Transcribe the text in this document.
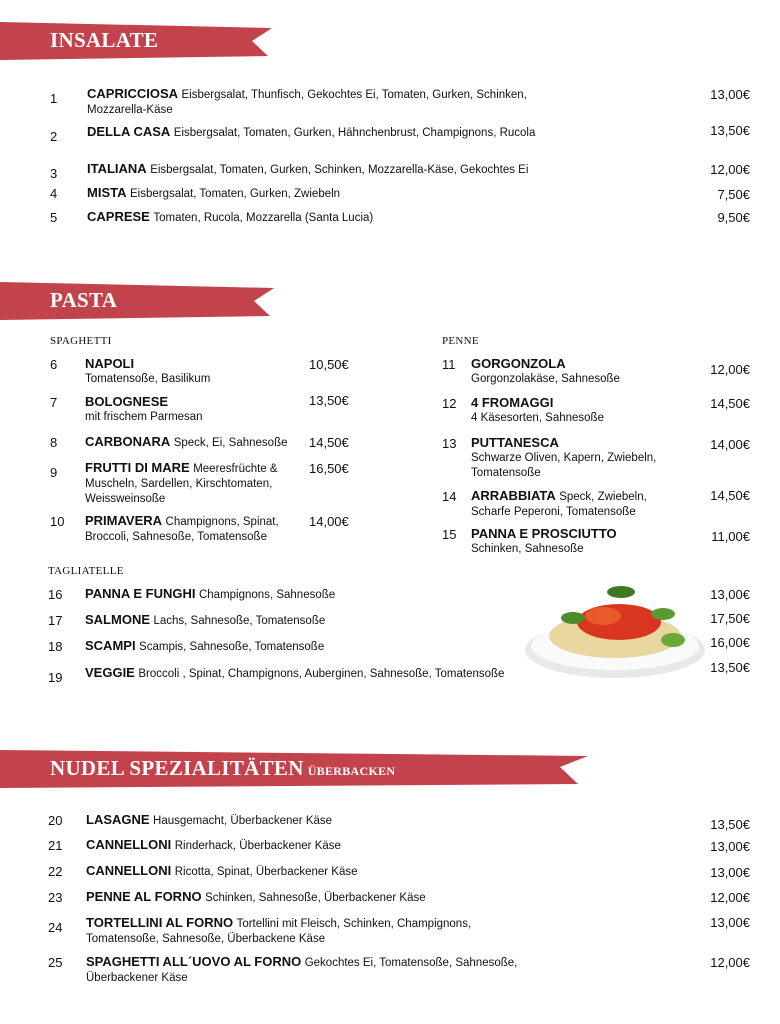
INSALATE
PASTA
NUDEL SPEZIALITÄTEN ÜBERBACKEN
SPAGHETTI	PENNE
TAGLIATELLE
1 CAPRICCIOSA Eisbergsalat, Thunfisch, Gekochtes Ei, Tomaten, Gurken, Schinken, Mozzarella-Käse
13,00€
2 DELLA CASA Eisbergsalat, Tomaten, Gurken, Hähnchenbrust, Champignons, Rucola	13,50€
3 ITALIANA Eisbergsalat, Tomaten, Gurken, Schinken, Mozzarella-Käse, Gekochtes Ei	12,00€
4 MISTA Eisbergsalat, Tomaten, Gurken, Zwiebeln	7,50€
5 CAPRESE Tomaten, Rucola, Mozzarella (Santa Lucia)	9,50€
6 NAPOLI
Tomatensoße, Basilikum
10,50€
7 BOLOGNESE
mit frischem Parmesan
13,50€
8 CARBONARA Speck, Ei, Sahnesoße	14,50€
9 FRUTTI DI MARE Meeresfrüchte & Muscheln, Sardellen, Kirschtomaten, Weissweinsoße
16,50€
10 PRIMAVERA Champignons, Spinat, Broccoli, Sahnesoße, Tomatensoße
14,00€
11 GORGONZOLA
Gorgonzolakäse, Sahnesoße
12,00€
12 4 FROMAGGI
4 Käsesorten, Sahnesoße
14,50€
13 PUTTANESCA
Schwarze Oliven, Kapern, Zwiebeln, Tomatensoße
14,00€
14 ARRABBIATA Speck, Zwiebeln, Scharfe Peperoni, Tomatensoße
14,50€
15 PANNA E PROSCIUTTO
Schinken, Sahnesoße
11,00€
16 PANNA E FUNGHI Champignons, Sahnesoße	13,00€
17 SALMONE Lachs, Sahnesoße, Tomatensoße	17,50€
18 SCAMPI Scampis, Sahnesoße, Tomatensoße	16,00€
19 VEGGIE Broccoli , Spinat, Champignons, Auberginen, Sahnesoße, Tomatensoße	13,50€
20 LASAGNE Hausgemacht, Überbackener Käse	13,50€
21 CANNELLONI Rinderhack, Überbackener Käse	13,00€
22 CANNELLONI Ricotta, Spinat, Überbackener Käse	13,00€
23 PENNE AL FORNO Schinken, Sahnesoße, Überbackener Käse	12,00€
24 TORTELLINI AL FORNO Tortellini mit Fleisch, Schinken, Champignons, Tomatensoße, Sahnesoße, Überbackene Käse
13,00€
25 SPAGHETTI ALL´UOVO AL FORNO Gekochtes Ei, Tomatensoße, Sahnesoße, Überbackener Käse
12,00€
